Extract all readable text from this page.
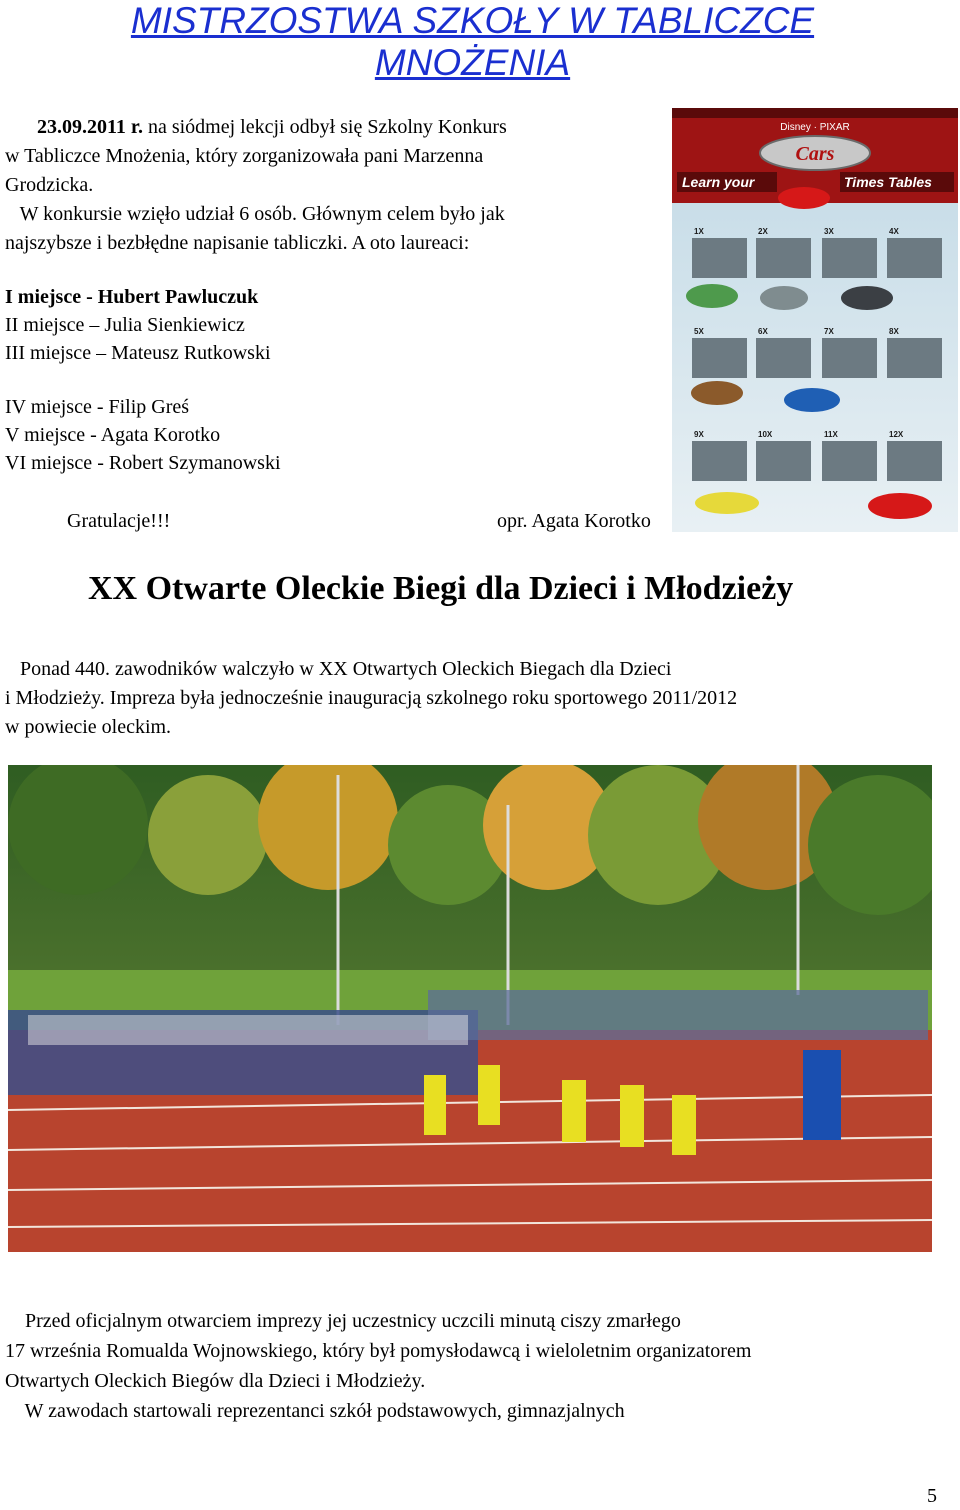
MISTRZOSTWA SZKOŁY W TABLICZCE
MNOŻENIA

23.09.2011 r. na siódmej lekcji odbył się Szkolny Konkurs

w Tabliczce Mnożenia, który zorganizowała pani Marzenna

Grodzicka.

W konkursie wzięło udział 6 osób. Głównym celem było jak

najszybsze i bezbłędne napisanie tabliczki. A oto laureaci:

I miejsce - Hubert Pawluczuk

II miejsce – Julia Sienkiewicz

III miejsce – Mateusz Rutkowski

IV miejsce - Filip Greś

V miejsce - Agata Korotko

VI miejsce - Robert Szymanowski

Gratulacje!!!	opr. Agata Korotko
Disney · PIXAR
Cars
Learn your	Times Tables
1X	2X	3X	4X
5X	6X	7X	8X
9X	10X	11X	12X
XX Otwarte Oleckie Biegi dla Dzieci i Młodzieży

Ponad 440. zawodników walczyło w XX Otwartych Oleckich Biegach dla Dzieci

i Młodzieży. Impreza była jednocześnie inauguracją szkolnego roku sportowego 2011/2012

w powiecie oleckim.

Przed oficjalnym otwarciem imprezy jej uczestnicy uczcili minutą ciszy zmarłego

17 września Romualda Wojnowskiego, który był pomysłodawcą i wieloletnim organizatorem

Otwartych Oleckich Biegów dla Dzieci i Młodzieży.

W zawodach startowali reprezentanci szkół podstawowych, gimnazjalnych

5
